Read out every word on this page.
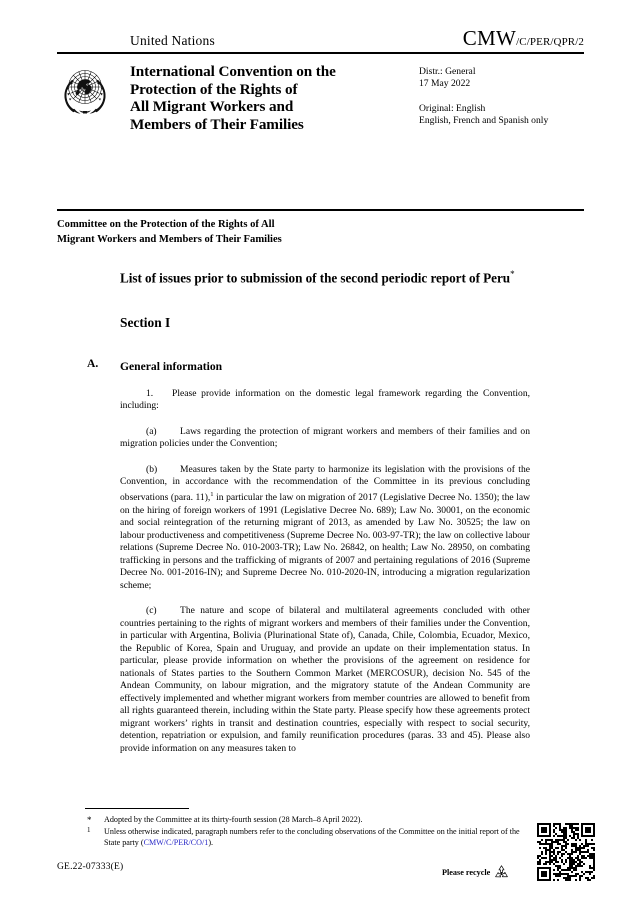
United Nations	CMW/C/PER/QPR/2
International Convention on the
Protection of the Rights of
All Migrant Workers and
Members of Their Families
Distr.: General
17 May 2022
Original: English
English, French and Spanish only
Committee on the Protection of the Rights of All
Migrant Workers and Members of Their Families
List of issues prior to submission of the second periodic report of Peru*
Section I
A. General information

1. Please provide information on the domestic legal framework regarding the Convention, including:

(a) Laws regarding the protection of migrant workers and members of their families and on migration policies under the Convention;

(b) Measures taken by the State party to harmonize its legislation with the provisions of the Convention, in accordance with the recommendation of the Committee in its previous concluding observations (para. 11),$^1$ in particular the law on migration of 2017 (Legislative Decree No. 1350); the law on the hiring of foreign workers of 1991 (Legislative Decree No. 689); Law No. 30001, on the economic and social reintegration of the returning migrant of 2013, as amended by Law No. 30525; the law on labour productiveness and competitiveness (Supreme Decree No. 003-97-TR); the law on collective labour relations (Supreme Decree No. 010-2003-TR); Law No. 26842, on health; Law No. 28950, on combating trafficking in persons and the trafficking of migrants of 2007 and pertaining regulations of 2016 (Supreme Decree No. 001-2016-IN); and Supreme Decree No. 010-2020-IN, introducing a migration regularization scheme;

(c) The nature and scope of bilateral and multilateral agreements concluded with other countries pertaining to the rights of migrant workers and members of their families under the Convention, in particular with Argentina, Bolivia (Plurinational State of), Canada, Chile, Colombia, Ecuador, Mexico, the Republic of Korea, Spain and Uruguay, and provide an update on their implementation status. In particular, please provide information on whether the provisions of the agreement on residence for nationals of States parties to the Southern Common Market (MERCOSUR), decision No. 545 of the Andean Community, on labour migration, and the migratory statute of the Andean Community are effectively implemented and whether migrant workers from member countries are allowed to benefit from all rights guaranteed therein, including within the State party. Please specify how these agreements protect migrant workers’ rights in transit and destination countries, especially with respect to social security, detention, repatriation or expulsion, and family reunification procedures (paras. 33 and 45). Please also provide information on any measures taken to

* Adopted by the Committee at its thirty-fourth session (28 March–8 April 2022).
1 Unless otherwise indicated, paragraph numbers refer to the concluding observations of the Committee on the initial report of the State party (CMW/C/PER/CO/1).
GE.22-07333(E)
Please recycle
